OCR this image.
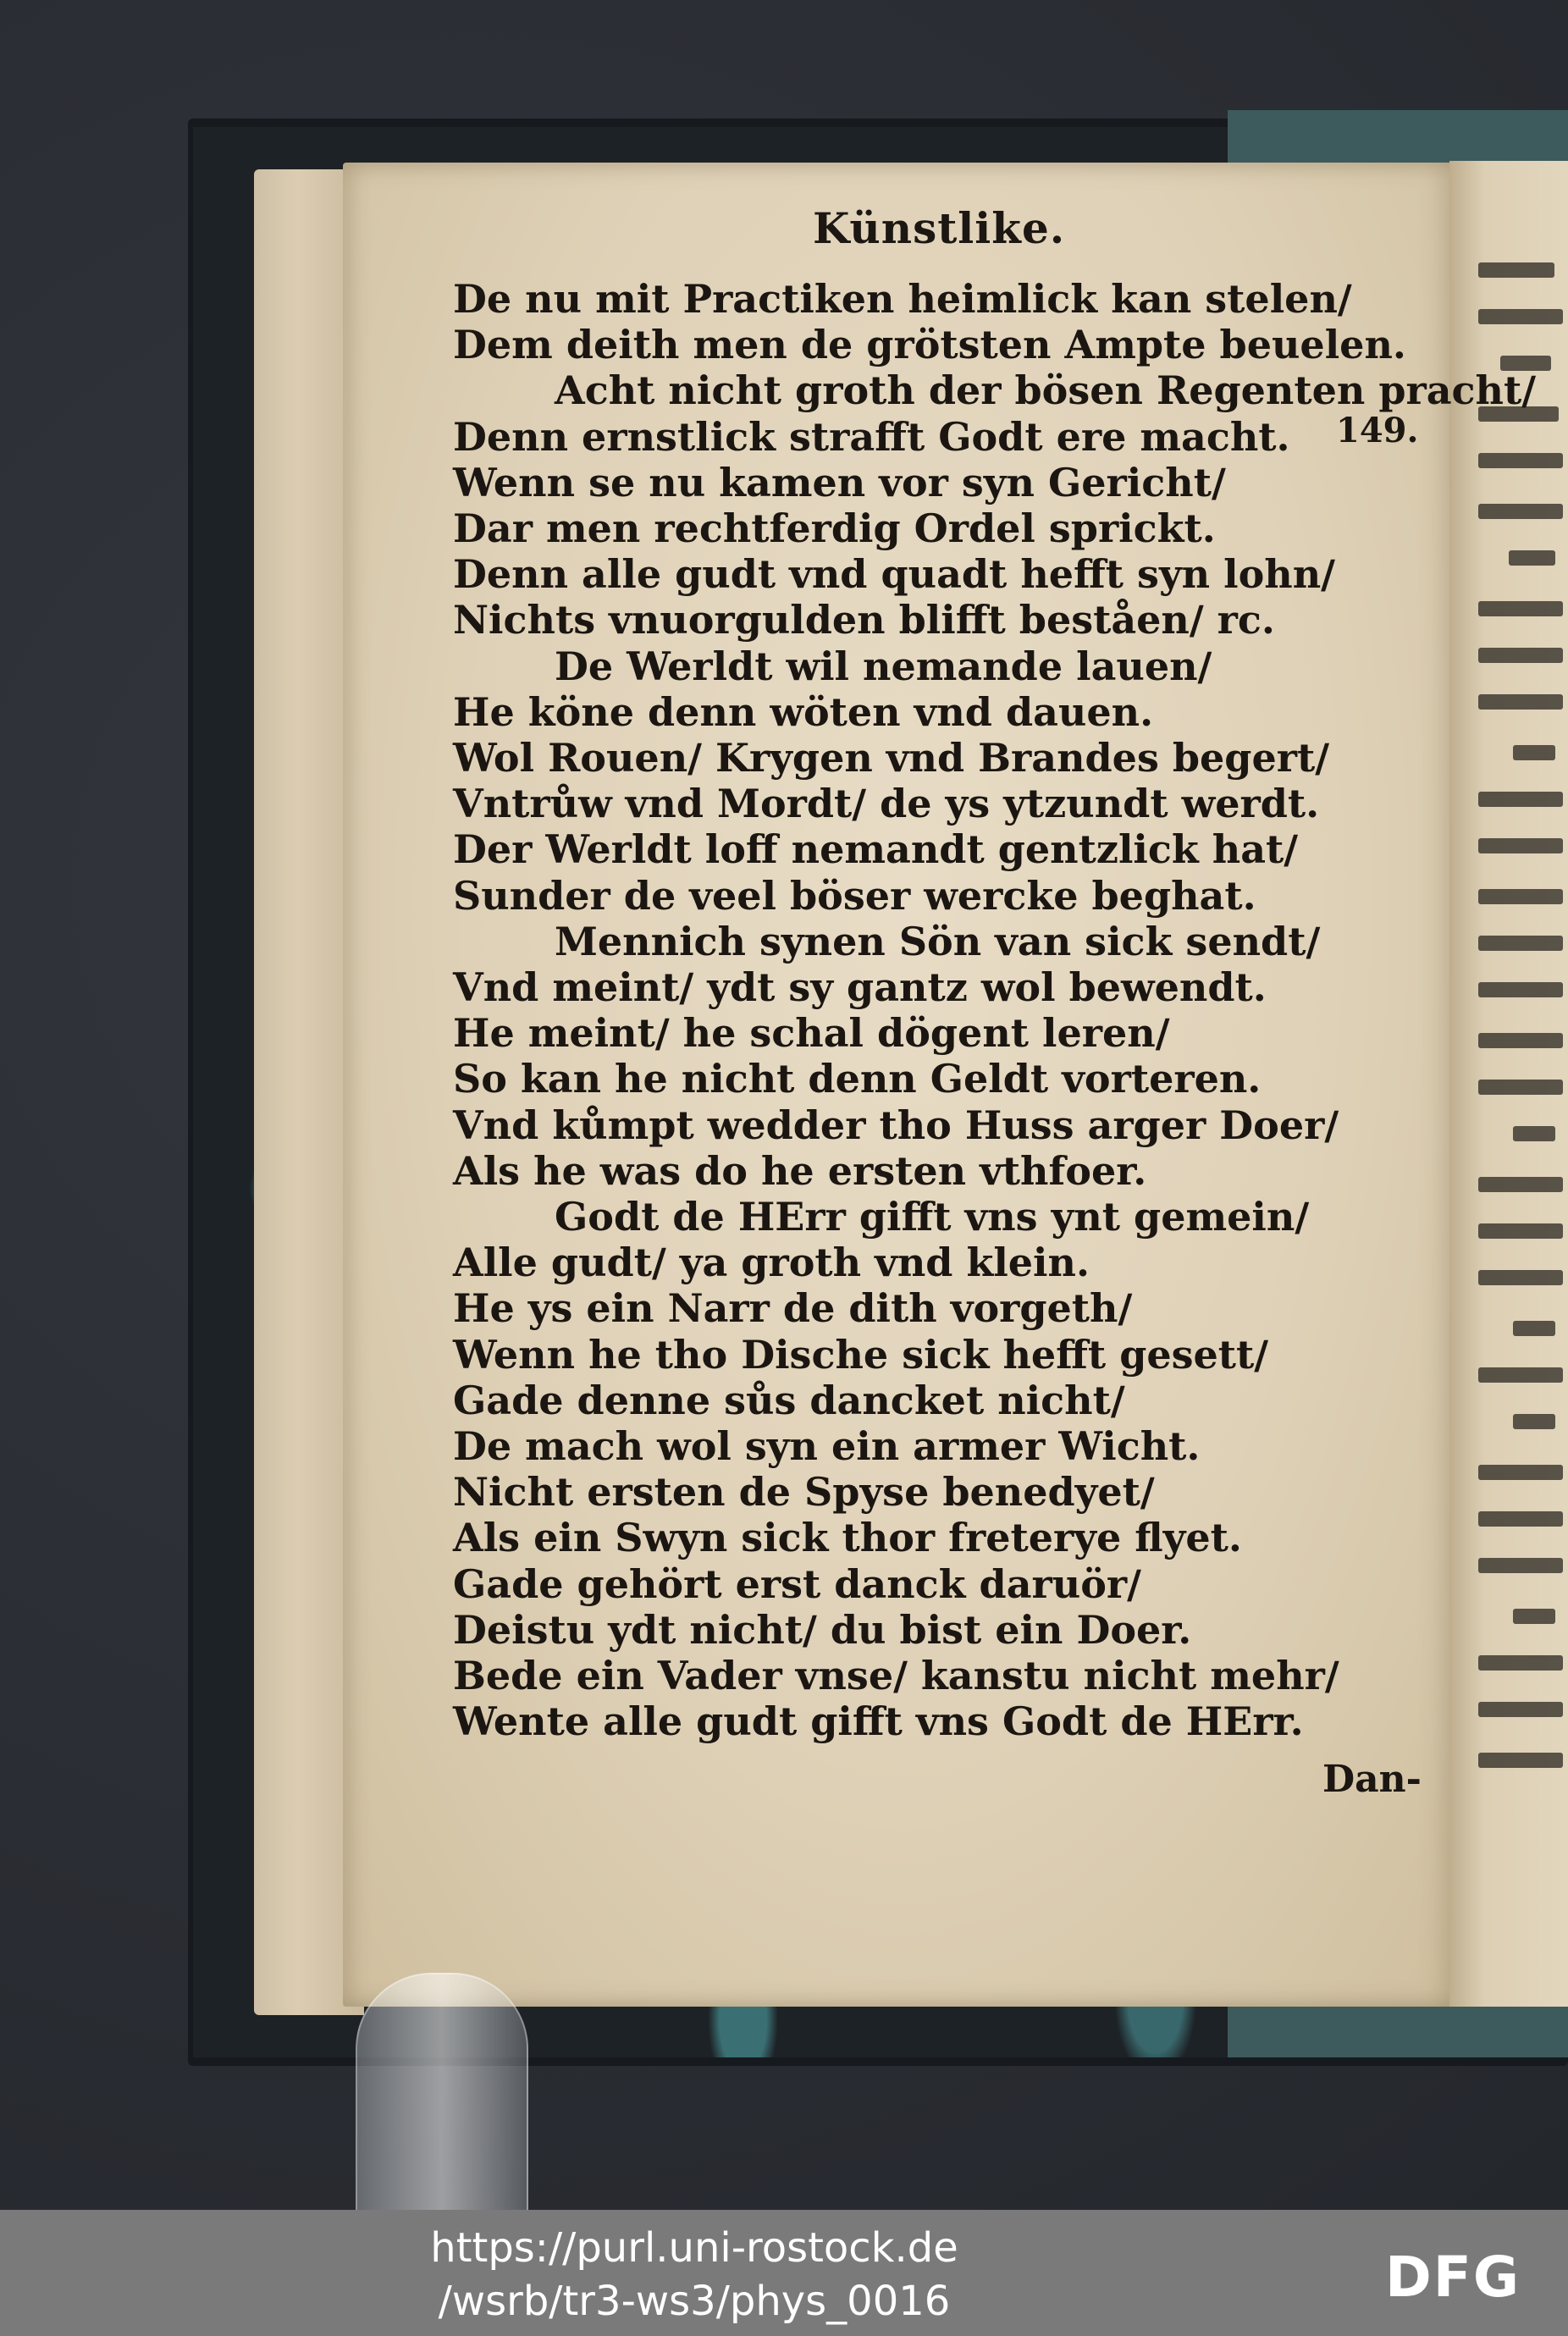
Künstlike.
149.
De nu mit Practiken heimlick kan stelen/
Dem deith men de grötsten Ampte beuelen.
Acht nicht groth der bösen Regenten pracht/
Denn ernstlick strafft Godt ere macht.
Wenn se nu kamen vor syn Gericht/
Dar men rechtferdig Ordel sprickt.
Denn alle gudt vnd quadt hefft syn lohn/
Nichts vnuorgulden blifft beståen/ rc.
De Werldt wil nemande lauen/
He köne denn wöten vnd dauen.
Wol Rouen/ Krygen vnd Brandes begert/
Vntrůw vnd Mordt/ de ys ytzundt werdt.
Der Werldt loff nemandt gentzlick hat/
Sunder de veel böser wercke beghat.
Mennich synen Sön van sick sendt/
Vnd meint/ ydt sy gantz wol bewendt.
He meint/ he schal dögent leren/
So kan he nicht denn Geldt vorteren.
Vnd kůmpt wedder tho Huss arger Doer/
Als he was do he ersten vthfoer.
Godt de HErr gifft vns ynt gemein/
Alle gudt/ ya groth vnd klein.
He ys ein Narr de dith vorgeth/
Wenn he tho Dische sick hefft gesett/
Gade denne sůs dancket nicht/
De mach wol syn ein armer Wicht.
Nicht ersten de Spyse benedyet/
Als ein Swyn sick thor freterye flyet.
Gade gehört erst danck daruör/
Deistu ydt nicht/ du bist ein Doer.
Bede ein Vader vnse/ kanstu nicht mehr/
Wente alle gudt gifft vns Godt de HErr.
Dan-
https://purl.uni-rostock.de
/wsrb/tr3-ws3/phys_0016	DFG
